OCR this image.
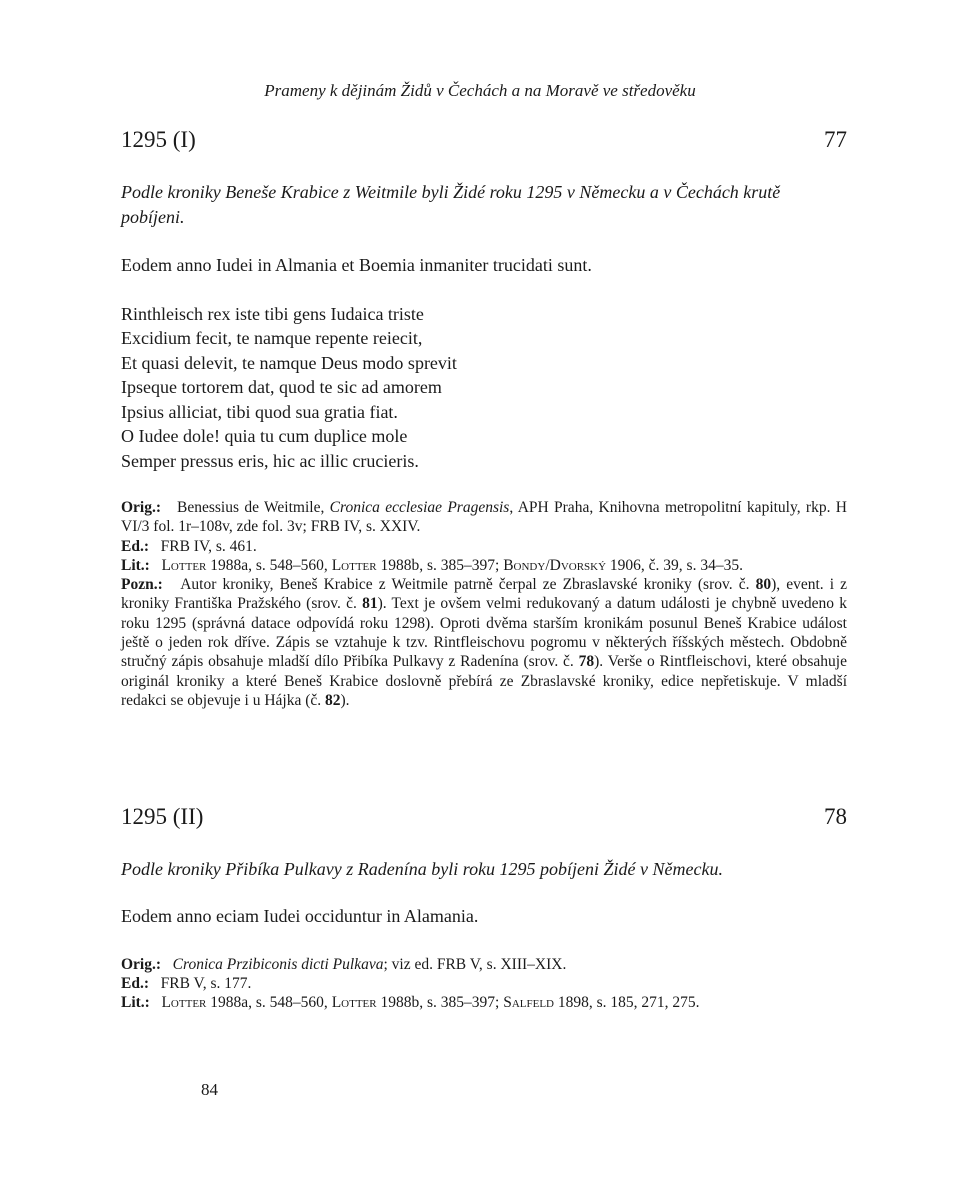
Prameny k dějinám Židů v Čechách a na Moravě ve středověku
1295 (I)	77
Podle kroniky Beneše Krabice z Weitmile byli Židé roku 1295 v Německu a v Čechách krutě pobíjeni.
Eodem anno Iudei in Almania et Boemia inmaniter trucidati sunt.
Rinthleisch rex iste tibi gens Iudaica triste
Excidium fecit, te namque repente reiecit,
Et quasi delevit, te namque Deus modo sprevit
Ipseque tortorem dat, quod te sic ad amorem
Ipsius alliciat, tibi quod sua gratia fiat.
O Iudee dole! quia tu cum duplice mole
Semper pressus eris, hic ac illic crucieris.
Orig.: Benessius de Weitmile, Cronica ecclesiae Pragensis, APH Praha, Knihovna metropolitní kapituly, rkp. H VI/3 fol. 1r–108v, zde fol. 3v; FRB IV, s. XXIV.
Ed.: FRB IV, s. 461.
Lit.: Lotter 1988a, s. 548–560, Lotter 1988b, s. 385–397; Bondy/Dvorský 1906, č. 39, s. 34–35.
Pozn.: Autor kroniky, Beneš Krabice z Weitmile patrně čerpal ze Zbraslavské kroniky (srov. č. 80), event. i z kroniky Františka Pražského (srov. č. 81). Text je ovšem velmi redukovaný a datum události je chybně uvedeno k roku 1295 (správná datace odpovídá roku 1298). Oproti dvěma starším kronikám posunul Beneš Krabice událost ještě o jeden rok dříve. Zápis se vztahuje k tzv. Rintfleischovu pogromu v některých říšských městech. Obdobně stručný zápis obsahuje mladší dílo Přibíka Pulkavy z Radenína (srov. č. 78). Verše o Rintfleischovi, které obsahuje originál kroniky a které Beneš Krabice doslovně přebírá ze Zbraslavské kroniky, edice nepřetiskuje. V mladší redakci se objevuje i u Hájka (č. 82).
1295 (II)	78
Podle kroniky Přibíka Pulkavy z Radenína byli roku 1295 pobíjeni Židé v Německu.
Eodem anno eciam Iudei occiduntur in Alamania.
Orig.: Cronica Przibiconis dicti Pulkava; viz ed. FRB V, s. XIII–XIX.
Ed.: FRB V, s. 177.
Lit.: Lotter 1988a, s. 548–560, Lotter 1988b, s. 385–397; Salfeld 1898, s. 185, 271, 275.
84
